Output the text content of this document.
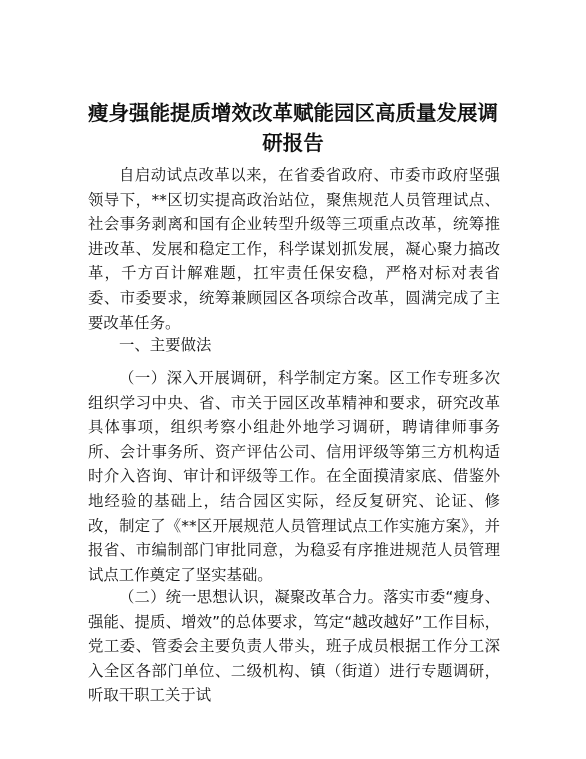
瘦身强能提质增效改革赋能园区高质量发展调研报告

自启动试点改革以来，在省委省政府、市委市政府坚强领导下，**区切实提高政治站位，聚焦规范人员管理试点、社会事务剥离和国有企业转型升级等三项重点改革，统筹推进改革、发展和稳定工作，科学谋划抓发展，凝心聚力搞改革，千方百计解难题，扛牢责任保安稳，严格对标对表省委、市委要求，统筹兼顾园区各项综合改革，圆满完成了主要改革任务。

一、主要做法

（一）深入开展调研，科学制定方案。区工作专班多次组织学习中央、省、市关于园区改革精神和要求，研究改革具体事项，组织考察小组赴外地学习调研，聘请律师事务所、会计事务所、资产评估公司、信用评级等第三方机构适时介入咨询、审计和评级等工作。在全面摸清家底、借鉴外地经验的基础上，结合园区实际，经反复研究、论证、修改，制定了《**区开展规范人员管理试点工作实施方案》，并报省、市编制部门审批同意，为稳妥有序推进规范人员管理试点工作奠定了坚实基础。

（二）统一思想认识，凝聚改革合力。落实市委“瘦身、强能、提质、增效”的总体要求，笃定“越改越好”工作目标，党工委、管委会主要负责人带头，班子成员根据工作分工深入全区各部门单位、二级机构、镇（街道）进行专题调研，听取干职工关于试
